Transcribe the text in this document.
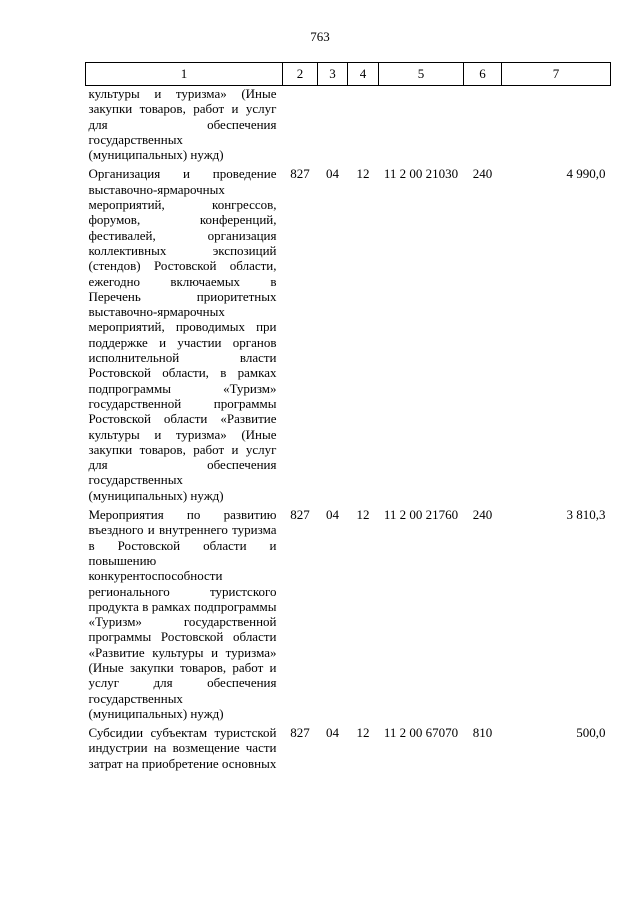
763
1	2	3	4	5	6	7
культуры и туризма» (Иные закупки товаров, работ и услуг для обеспечения государственных (муниципальных) нужд)						
Организация и проведение выставочно-ярмарочных мероприятий, конгрессов, форумов, конференций, фестивалей, организация коллективных экспозиций (стендов) Ростовской области, ежегодно включаемых в Перечень приоритетных выставочно-ярмарочных мероприятий, проводимых при поддержке и участии органов исполнительной власти Ростовской области, в рамках подпрограммы «Туризм» государственной программы Ростовской области «Развитие культуры и туризма» (Иные закупки товаров, работ и услуг для обеспечения государственных (муниципальных) нужд)	827	04	12	11 2 00 21030	240	4 990,0
Мероприятия по развитию въездного и внутреннего туризма в Ростовской области и повышению конкурентоспособности регионального туристского продукта в рамках подпрограммы «Туризм» государственной программы Ростовской области «Развитие культуры и туризма» (Иные закупки товаров, работ и услуг для обеспечения государственных (муниципальных) нужд)	827	04	12	11 2 00 21760	240	3 810,3
Субсидии субъектам туристской индустрии на возмещение части затрат на приобретение основных	827	04	12	11 2 00 67070	810	500,0
